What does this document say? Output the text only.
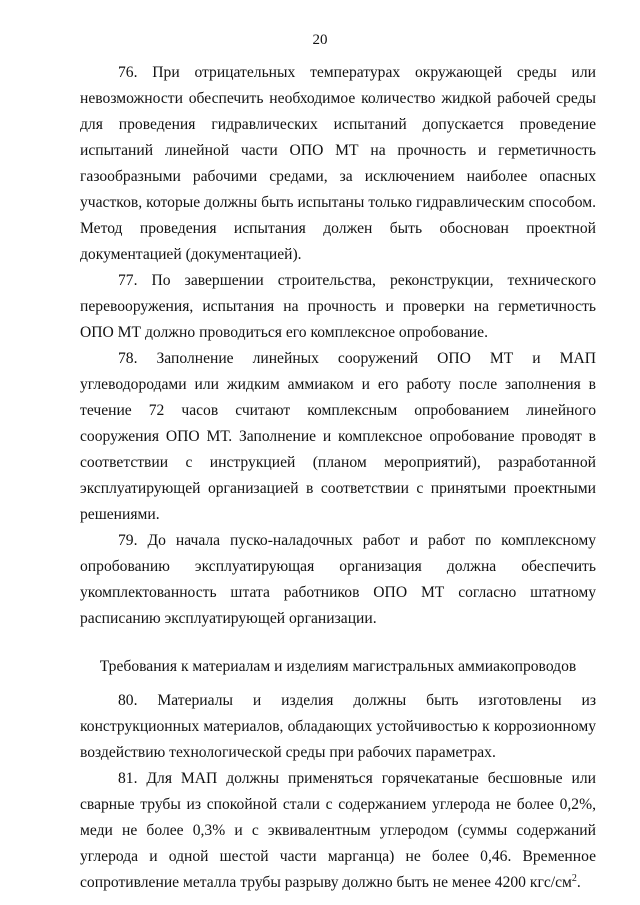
20

76. При отрицательных температурах окружающей среды или невозможности обеспечить необходимое количество жидкой рабочей среды для проведения гидравлических испытаний допускается проведение испытаний линейной части ОПО МТ на прочность и герметичность газообразными рабочими средами, за исключением наиболее опасных участков, которые должны быть испытаны только гидравлическим способом. Метод проведения испытания должен быть обоснован проектной документацией (документацией).

77. По завершении строительства, реконструкции, технического перевооружения, испытания на прочность и проверки на герметичность ОПО МТ должно проводиться его комплексное опробование.

78. Заполнение линейных сооружений ОПО МТ и МАП углеводородами или жидким аммиаком и его работу после заполнения в течение 72 часов считают комплексным опробованием линейного сооружения ОПО МТ. Заполнение и комплексное опробование проводят в соответствии с инструкцией (планом мероприятий), разработанной эксплуатирующей организацией в соответствии с принятыми проектными решениями.

79. До начала пуско-наладочных работ и работ по комплексному опробованию эксплуатирующая организация должна обеспечить укомплектованность штата работников ОПО МТ согласно штатному расписанию эксплуатирующей организации.

Требования к материалам и изделиям магистральных аммиакопроводов

80. Материалы и изделия должны быть изготовлены из конструкционных материалов, обладающих устойчивостью к коррозионному воздействию технологической среды при рабочих параметрах.

81. Для МАП должны применяться горячекатаные бесшовные или сварные трубы из спокойной стали с содержанием углерода не более 0,2%, меди не более 0,3% и с эквивалентным углеродом (суммы содержаний углерода и одной шестой части марганца) не более 0,46. Временное сопротивление металла трубы разрыву должно быть не менее 4200 кгс/$см^2$.
